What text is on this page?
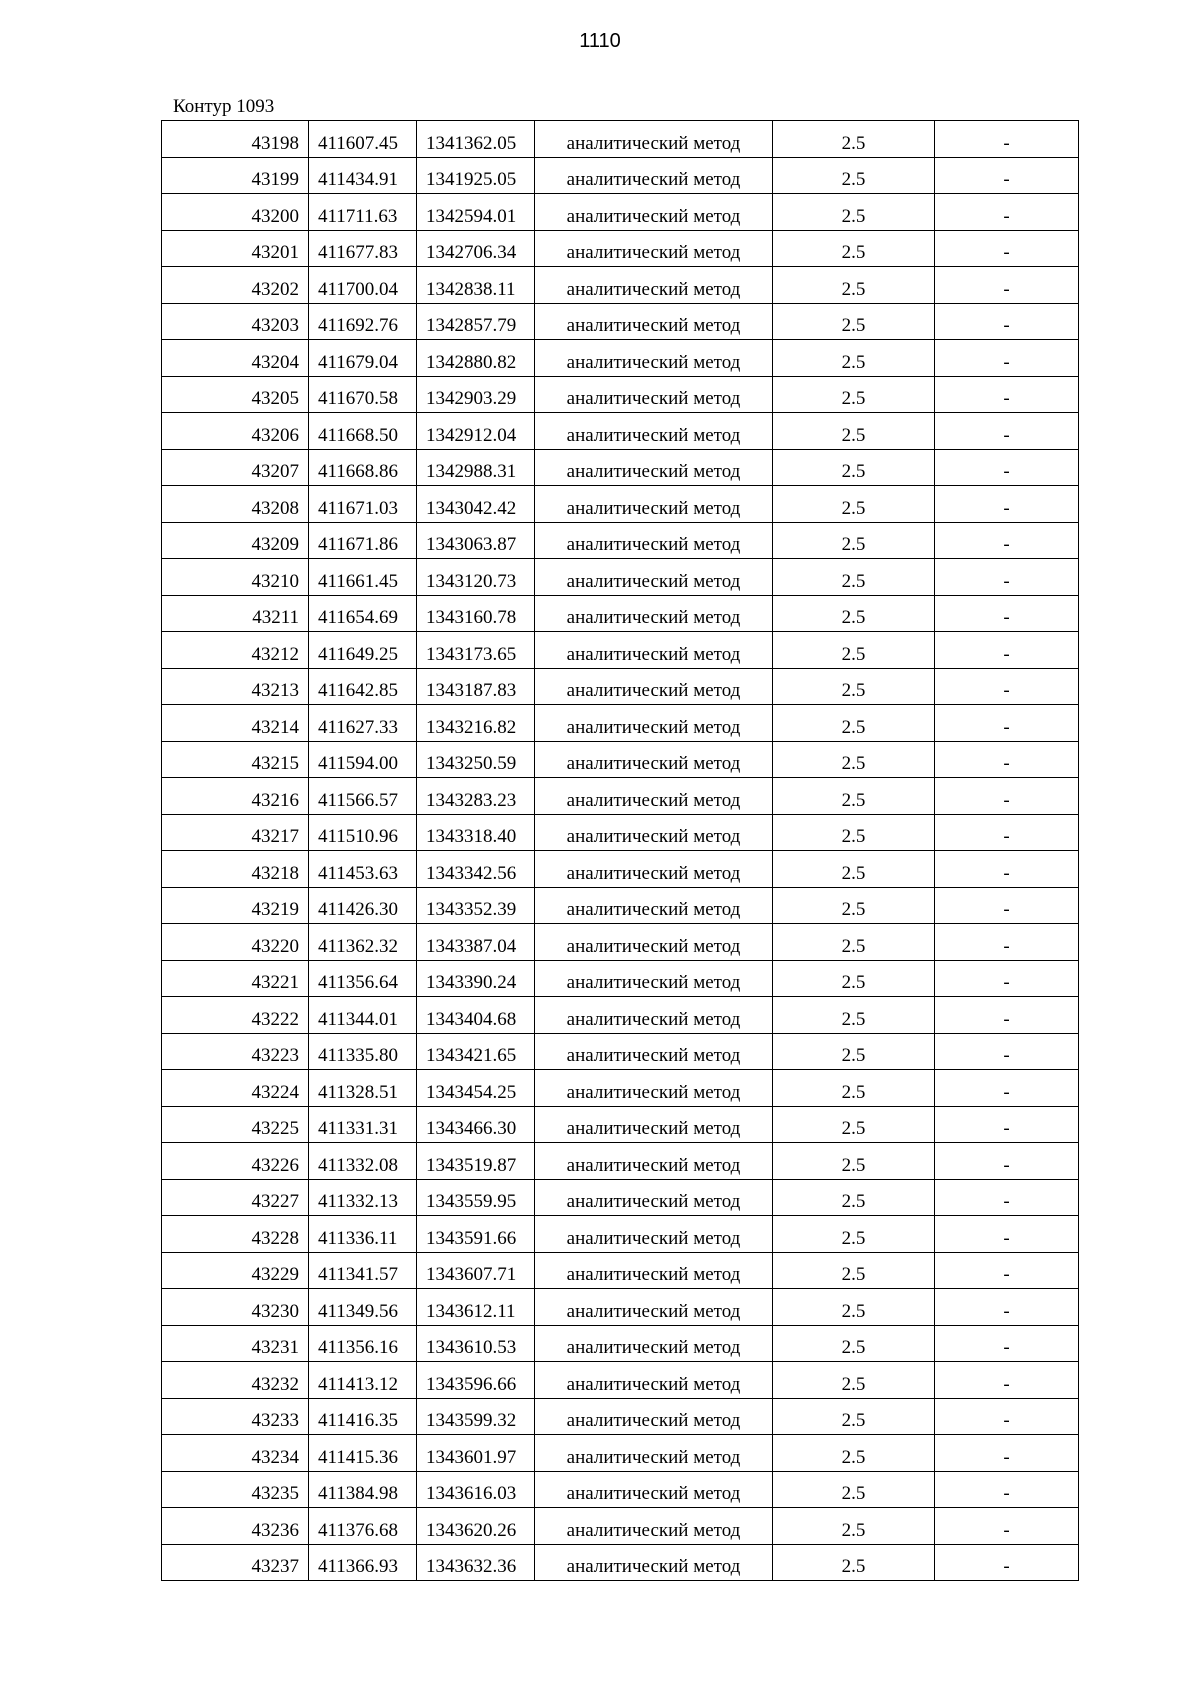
1110
Контур 1093
43198	411607.45	1341362.05	аналитический метод	2.5	-
43199	411434.91	1341925.05	аналитический метод	2.5	-
43200	411711.63	1342594.01	аналитический метод	2.5	-
43201	411677.83	1342706.34	аналитический метод	2.5	-
43202	411700.04	1342838.11	аналитический метод	2.5	-
43203	411692.76	1342857.79	аналитический метод	2.5	-
43204	411679.04	1342880.82	аналитический метод	2.5	-
43205	411670.58	1342903.29	аналитический метод	2.5	-
43206	411668.50	1342912.04	аналитический метод	2.5	-
43207	411668.86	1342988.31	аналитический метод	2.5	-
43208	411671.03	1343042.42	аналитический метод	2.5	-
43209	411671.86	1343063.87	аналитический метод	2.5	-
43210	411661.45	1343120.73	аналитический метод	2.5	-
43211	411654.69	1343160.78	аналитический метод	2.5	-
43212	411649.25	1343173.65	аналитический метод	2.5	-
43213	411642.85	1343187.83	аналитический метод	2.5	-
43214	411627.33	1343216.82	аналитический метод	2.5	-
43215	411594.00	1343250.59	аналитический метод	2.5	-
43216	411566.57	1343283.23	аналитический метод	2.5	-
43217	411510.96	1343318.40	аналитический метод	2.5	-
43218	411453.63	1343342.56	аналитический метод	2.5	-
43219	411426.30	1343352.39	аналитический метод	2.5	-
43220	411362.32	1343387.04	аналитический метод	2.5	-
43221	411356.64	1343390.24	аналитический метод	2.5	-
43222	411344.01	1343404.68	аналитический метод	2.5	-
43223	411335.80	1343421.65	аналитический метод	2.5	-
43224	411328.51	1343454.25	аналитический метод	2.5	-
43225	411331.31	1343466.30	аналитический метод	2.5	-
43226	411332.08	1343519.87	аналитический метод	2.5	-
43227	411332.13	1343559.95	аналитический метод	2.5	-
43228	411336.11	1343591.66	аналитический метод	2.5	-
43229	411341.57	1343607.71	аналитический метод	2.5	-
43230	411349.56	1343612.11	аналитический метод	2.5	-
43231	411356.16	1343610.53	аналитический метод	2.5	-
43232	411413.12	1343596.66	аналитический метод	2.5	-
43233	411416.35	1343599.32	аналитический метод	2.5	-
43234	411415.36	1343601.97	аналитический метод	2.5	-
43235	411384.98	1343616.03	аналитический метод	2.5	-
43236	411376.68	1343620.26	аналитический метод	2.5	-
43237	411366.93	1343632.36	аналитический метод	2.5	-
